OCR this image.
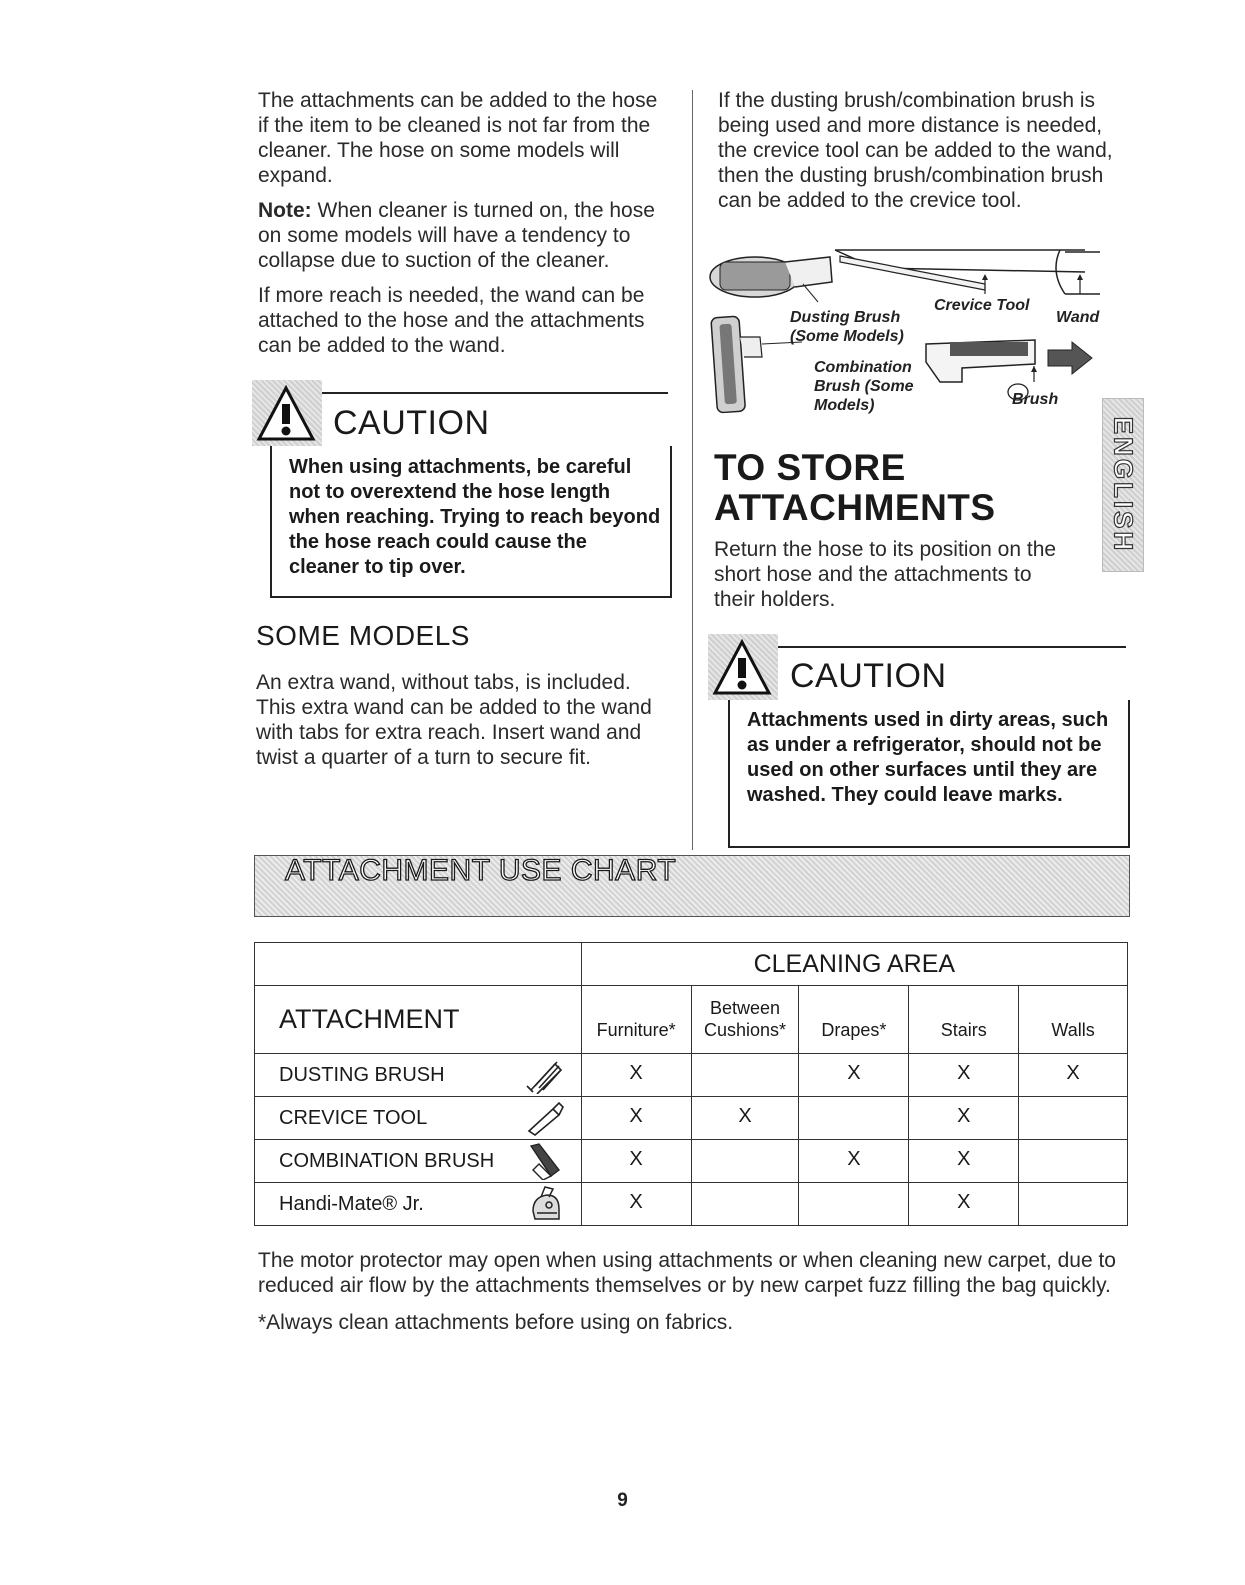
The attachments can be added to the hose if the item to be cleaned is not far from the cleaner. The hose on some models will expand.

Note: When cleaner is turned on, the hose on some models will have a tendency to collapse due to suction of the cleaner.

If more reach is needed, the wand can be attached to the hose and the attachments can be added to the wand.

CAUTION
When using attachments, be careful not to overextend the hose length when reaching. Trying to reach beyond the hose reach could cause the cleaner to tip over.
SOME MODELS
An extra wand, without tabs, is included. This extra wand can be added to the wand with tabs for extra reach. Insert wand and twist a quarter of a turn to secure fit.

If the dusting brush/combination brush is being used and more distance is needed, the crevice tool can be added to the wand, then the dusting brush/combination brush can be added to the crevice tool.

Dusting Brush
(Some Models)
Crevice Tool
Wand
Combination
Brush (Some
Models)	Brush
TO STORE
ATTACHMENTS
Return the hose to its position on the short hose and the attachments to their holders.
ENGLISH
CAUTION
Attachments used in dirty areas, such as under a refrigerator, should not be used on other surfaces until they are washed. They could leave marks.
ATTACHMENT USE CHART
	CLEANING AREA				
ATTACHMENT	Furniture*	Between Cushions*	Drapes*	Stairs	Walls
DUSTING BRUSH	X		X	X	X
CREVICE TOOL	X	X		X	
COMBINATION BRUSH	X		X	X	
Handi-Mate® Jr.	X			X	

The motor protector may open when using attachments or when cleaning new carpet, due to reduced air flow by the attachments themselves or by new carpet fuzz filling the bag quickly.

*Always clean attachments before using on fabrics.

9
